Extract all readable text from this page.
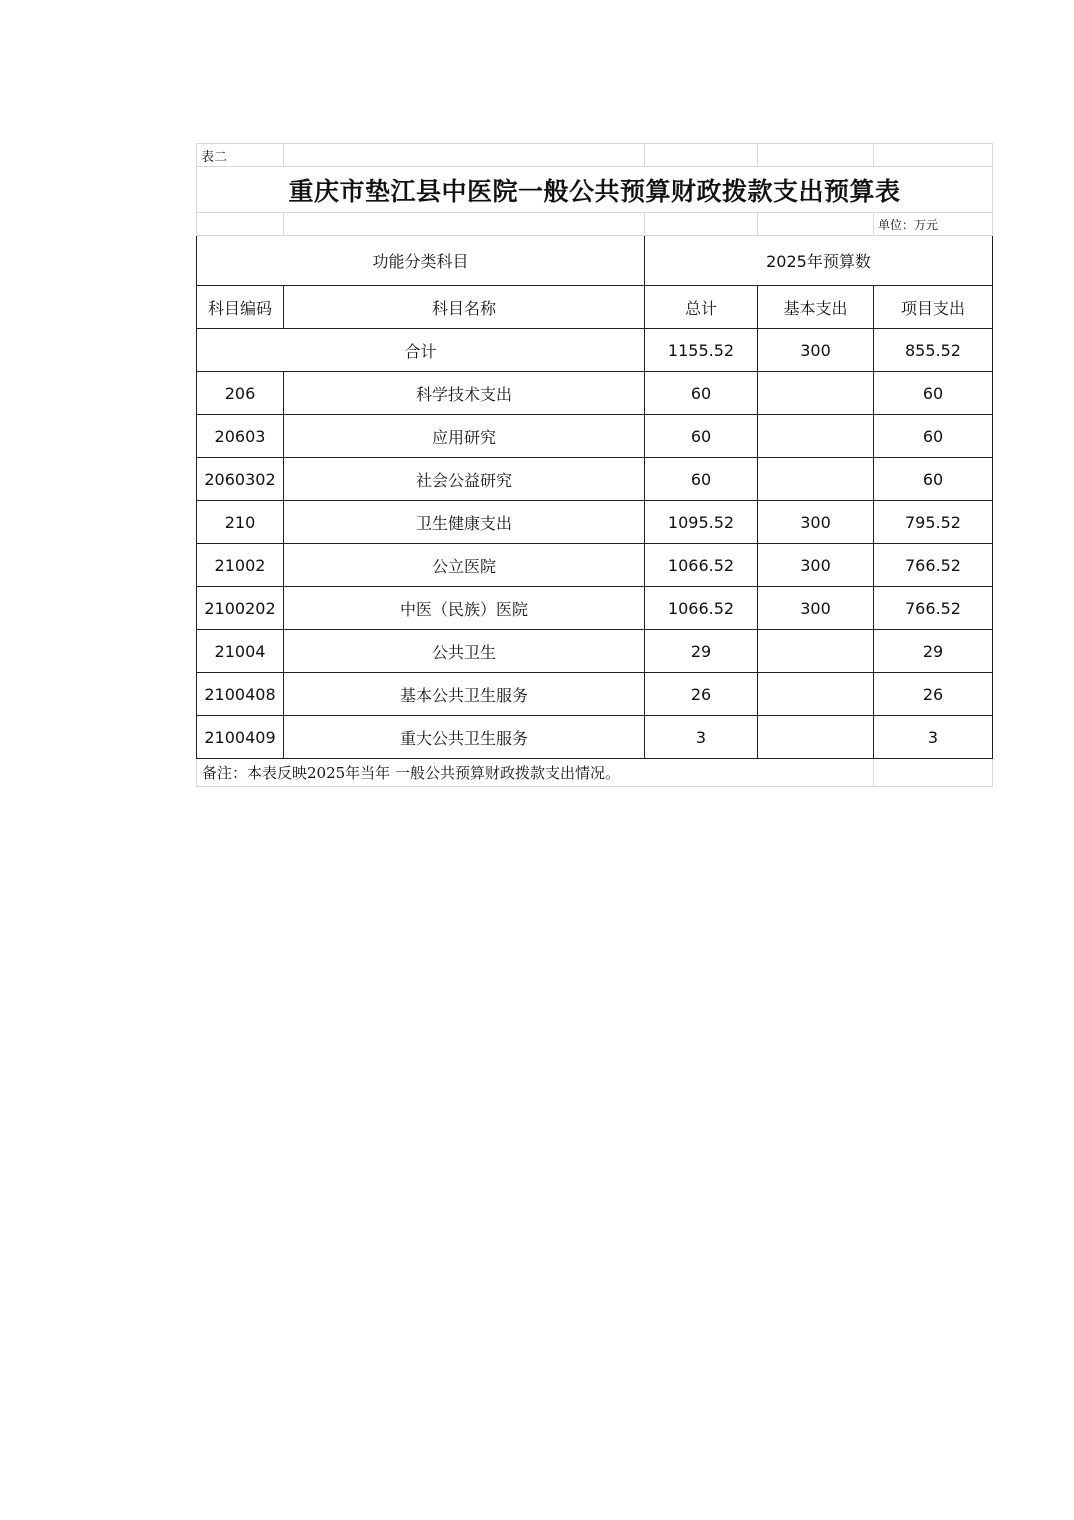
表二				
重庆市垫江县中医院一般公共预算财政拨款支出预算表				
				单位：万元
功能分类科目		2025年预算数		
科目编码	科目名称	总计	基本支出	项目支出
合计		1155.52	300	855.52
206	科学技术支出	60		60
20603	应用研究	60		60
2060302	社会公益研究	60		60
210	卫生健康支出	1095.52	300	795.52
21002	公立医院	1066.52	300	766.52
2100202	中医（民族）医院	1066.52	300	766.52
21004	公共卫生	29		29
2100408	基本公共卫生服务	26		26
2100409	重大公共卫生服务	3		3
备注：本表反映2025年当年 一般公共预算财政拨款支出情况。				
